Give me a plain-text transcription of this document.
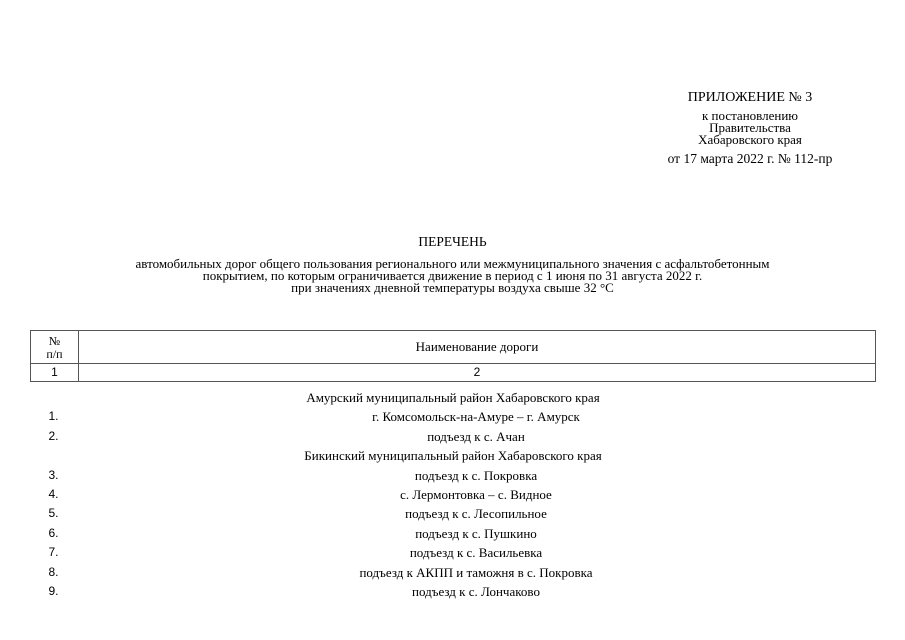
ПРИЛОЖЕНИЕ № 3
к постановлению
Правительства
Хабаровского края
от 17 марта 2022 г. № 112-пр
ПЕРЕЧЕНЬ
автомобильных дорог общего пользования регионального или межмуниципального значения с асфальтобетонным
покрытием, по которым ограничивается движение в период с 1 июня по 31 августа 2022 г.
при значениях дневной температуры воздуха свыше 32 °С
№
п/п	Наименование дороги
1	2
Амурский муниципальный район Хабаровского края
1.	г. Комсомольск-на-Амуре – г. Амурск
2.	подъезд к с. Ачан
Бикинский муниципальный район Хабаровского края
3.	подъезд к с. Покровка
4.	с. Лермонтовка – с. Видное
5.	подъезд к с. Лесопильное
6.	подъезд к с. Пушкино
7.	подъезд к с. Васильевка
8.	подъезд к АКПП и таможня в с. Покровка
9.	подъезд к с. Лончаково
